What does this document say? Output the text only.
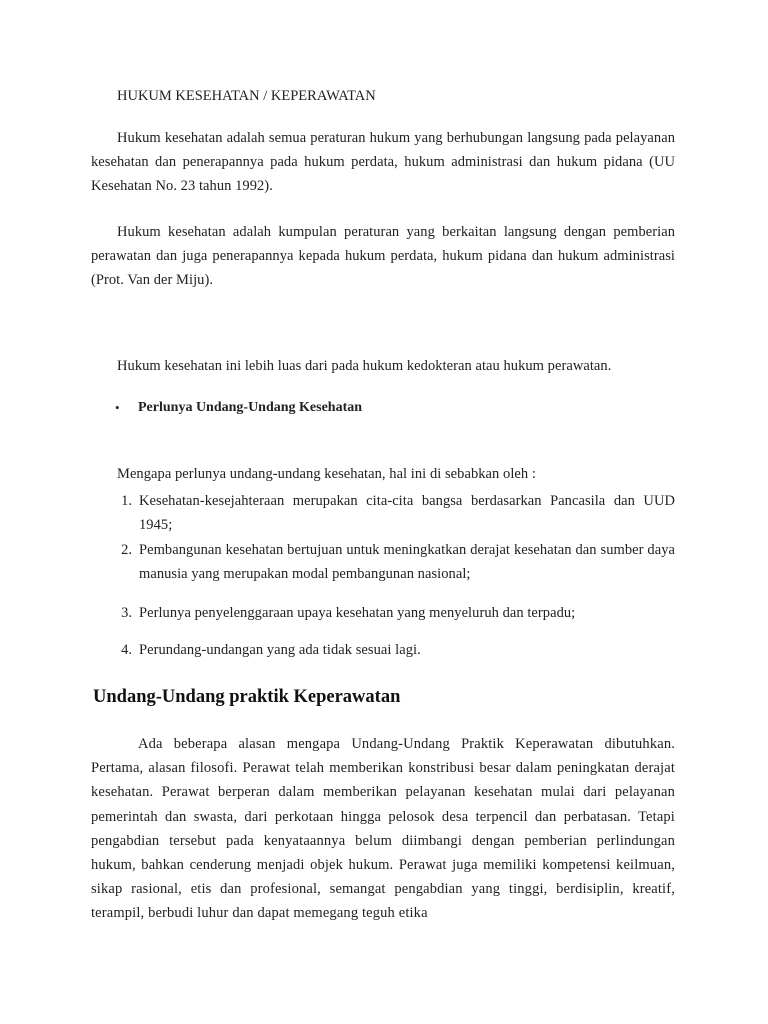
HUKUM KESEHATAN / KEPERAWATAN
Hukum kesehatan adalah semua peraturan hukum yang berhubungan langsung pada pelayanan kesehatan dan penerapannya pada hukum perdata, hukum administrasi dan hukum pidana (UU Kesehatan No. 23 tahun 1992).
Hukum kesehatan adalah kumpulan peraturan yang berkaitan langsung dengan pemberian perawatan dan juga penerapannya kepada hukum perdata, hukum pidana dan hukum administrasi (Prot. Van der Miju).
Hukum kesehatan ini lebih luas dari pada hukum kedokteran atau hukum perawatan.
• Perlunya Undang-Undang Kesehatan
Mengapa perlunya undang-undang kesehatan, hal ini di sebabkan oleh :
1. Kesehatan-kesejahteraan merupakan cita-cita bangsa berdasarkan Pancasila dan UUD 1945;
2. Pembangunan kesehatan bertujuan untuk meningkatkan derajat kesehatan dan sumber daya manusia yang merupakan modal pembangunan nasional;
3. Perlunya penyelenggaraan upaya kesehatan yang menyeluruh dan terpadu;
4. Perundang-undangan yang ada tidak sesuai lagi.
Undang-Undang praktik Keperawatan
Ada beberapa alasan mengapa Undang-Undang Praktik Keperawatan dibutuhkan. Pertama, alasan filosofi. Perawat telah memberikan konstribusi besar dalam peningkatan derajat kesehatan. Perawat berperan dalam memberikan pelayanan kesehatan mulai dari pelayanan pemerintah dan swasta, dari perkotaan hingga pelosok desa terpencil dan perbatasan. Tetapi pengabdian tersebut pada kenyataannya belum diimbangi dengan pemberian perlindungan hukum, bahkan cenderung menjadi objek hukum. Perawat juga memiliki kompetensi keilmuan, sikap rasional, etis dan profesional, semangat pengabdian yang tinggi, berdisiplin, kreatif, terampil, berbudi luhur dan dapat memegang teguh etika
